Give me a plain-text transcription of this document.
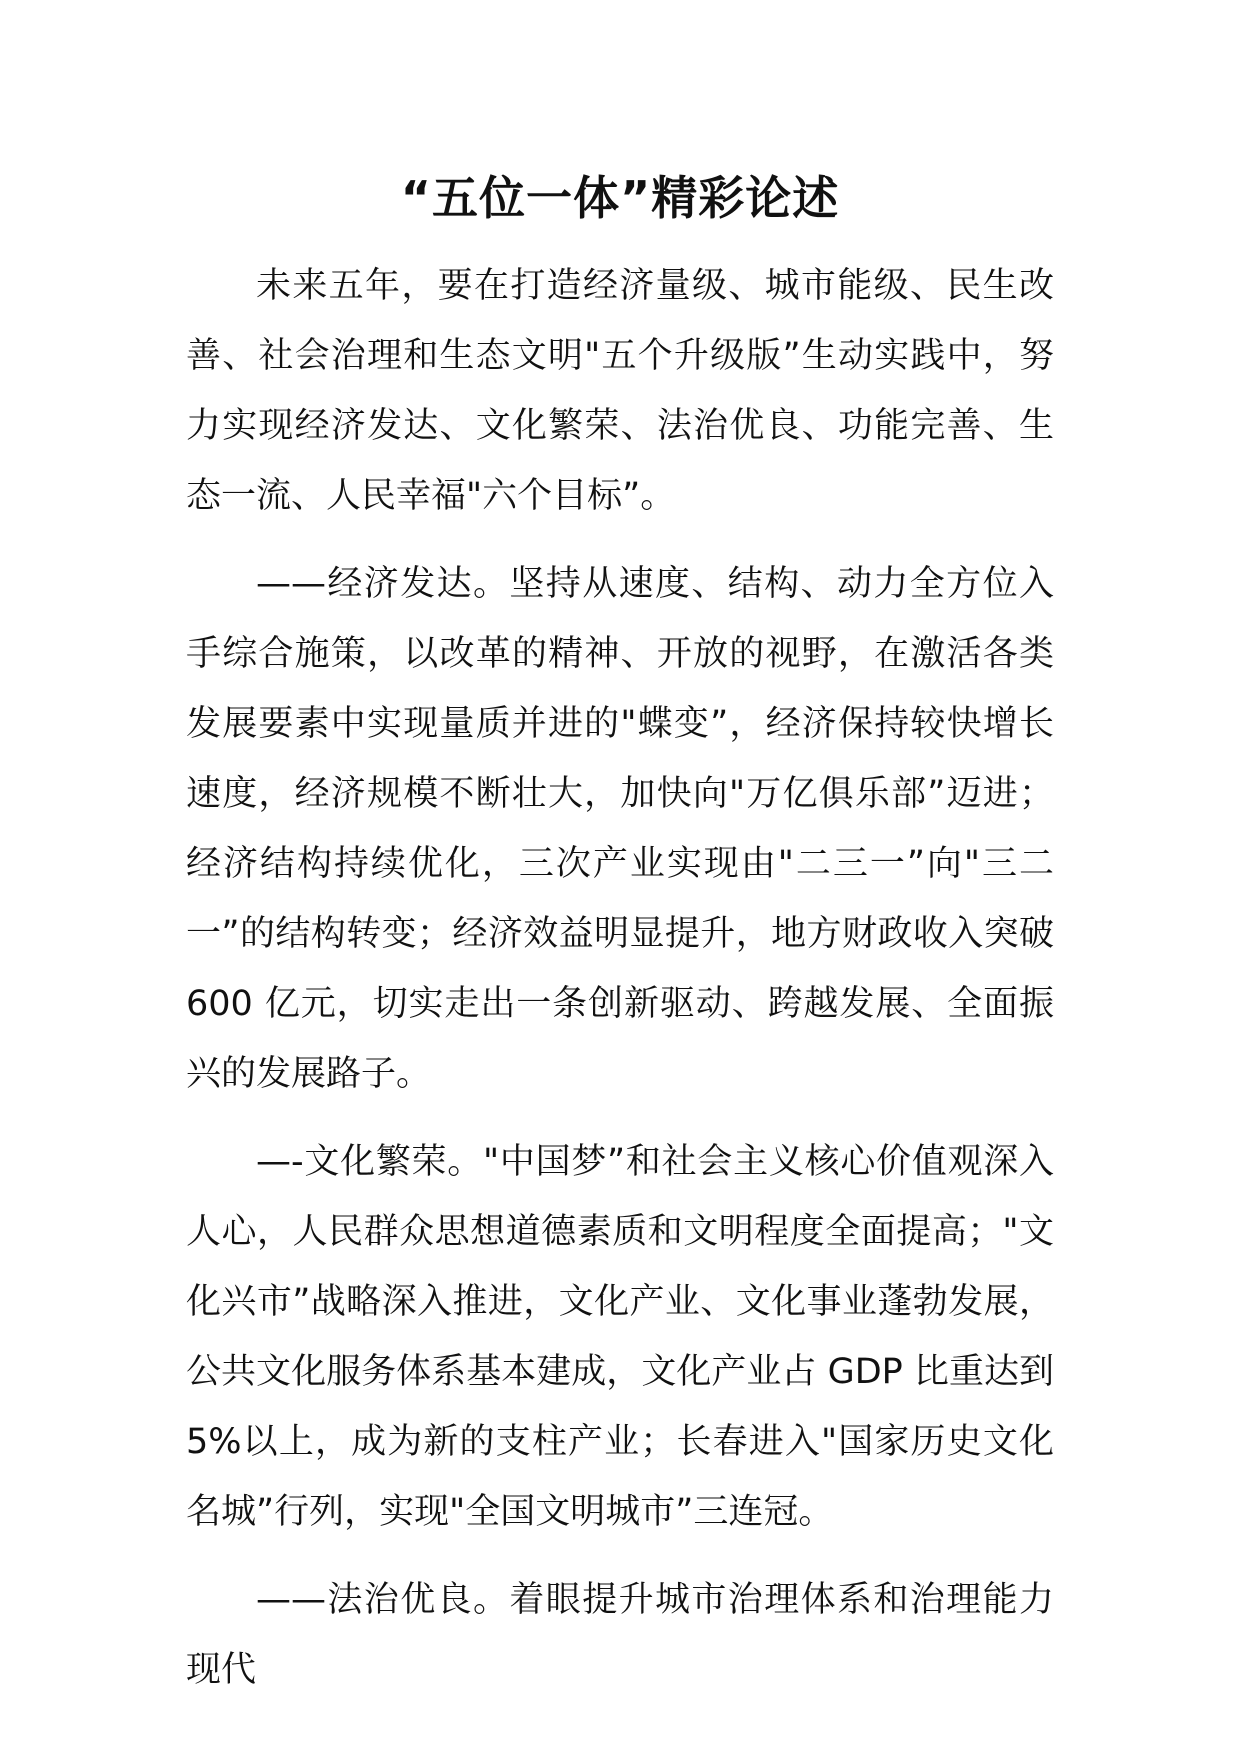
“五位一体”精彩论述

未来五年，要在打造经济量级、城市能级、民生改善、社会治理和生态文明"五个升级版”生动实践中，努力实现经济发达、文化繁荣、法治优良、功能完善、生态一流、人民幸福"六个目标”。

——经济发达。坚持从速度、结构、动力全方位入手综合施策，以改革的精神、开放的视野，在激活各类发展要素中实现量质并进的"蝶变”，经济保持较快增长速度，经济规模不断壮大，加快向"万亿俱乐部”迈进；经济结构持续优化，三次产业实现由"二三一”向"三二一”的结构转变；经济效益明显提升，地方财政收入突破 600 亿元，切实走出一条创新驱动、跨越发展、全面振兴的发展路子。

—-文化繁荣。"中国梦”和社会主义核心价值观深入人心，人民群众思想道德素质和文明程度全面提高；"文化兴市”战略深入推进，文化产业、文化事业蓬勃发展，公共文化服务体系基本建成，文化产业占 GDP 比重达到 5%以上，成为新的支柱产业；长春进入"国家历史文化名城”行列，实现"全国文明城市”三连冠。

——法治优良。着眼提升城市治理体系和治理能力现代
